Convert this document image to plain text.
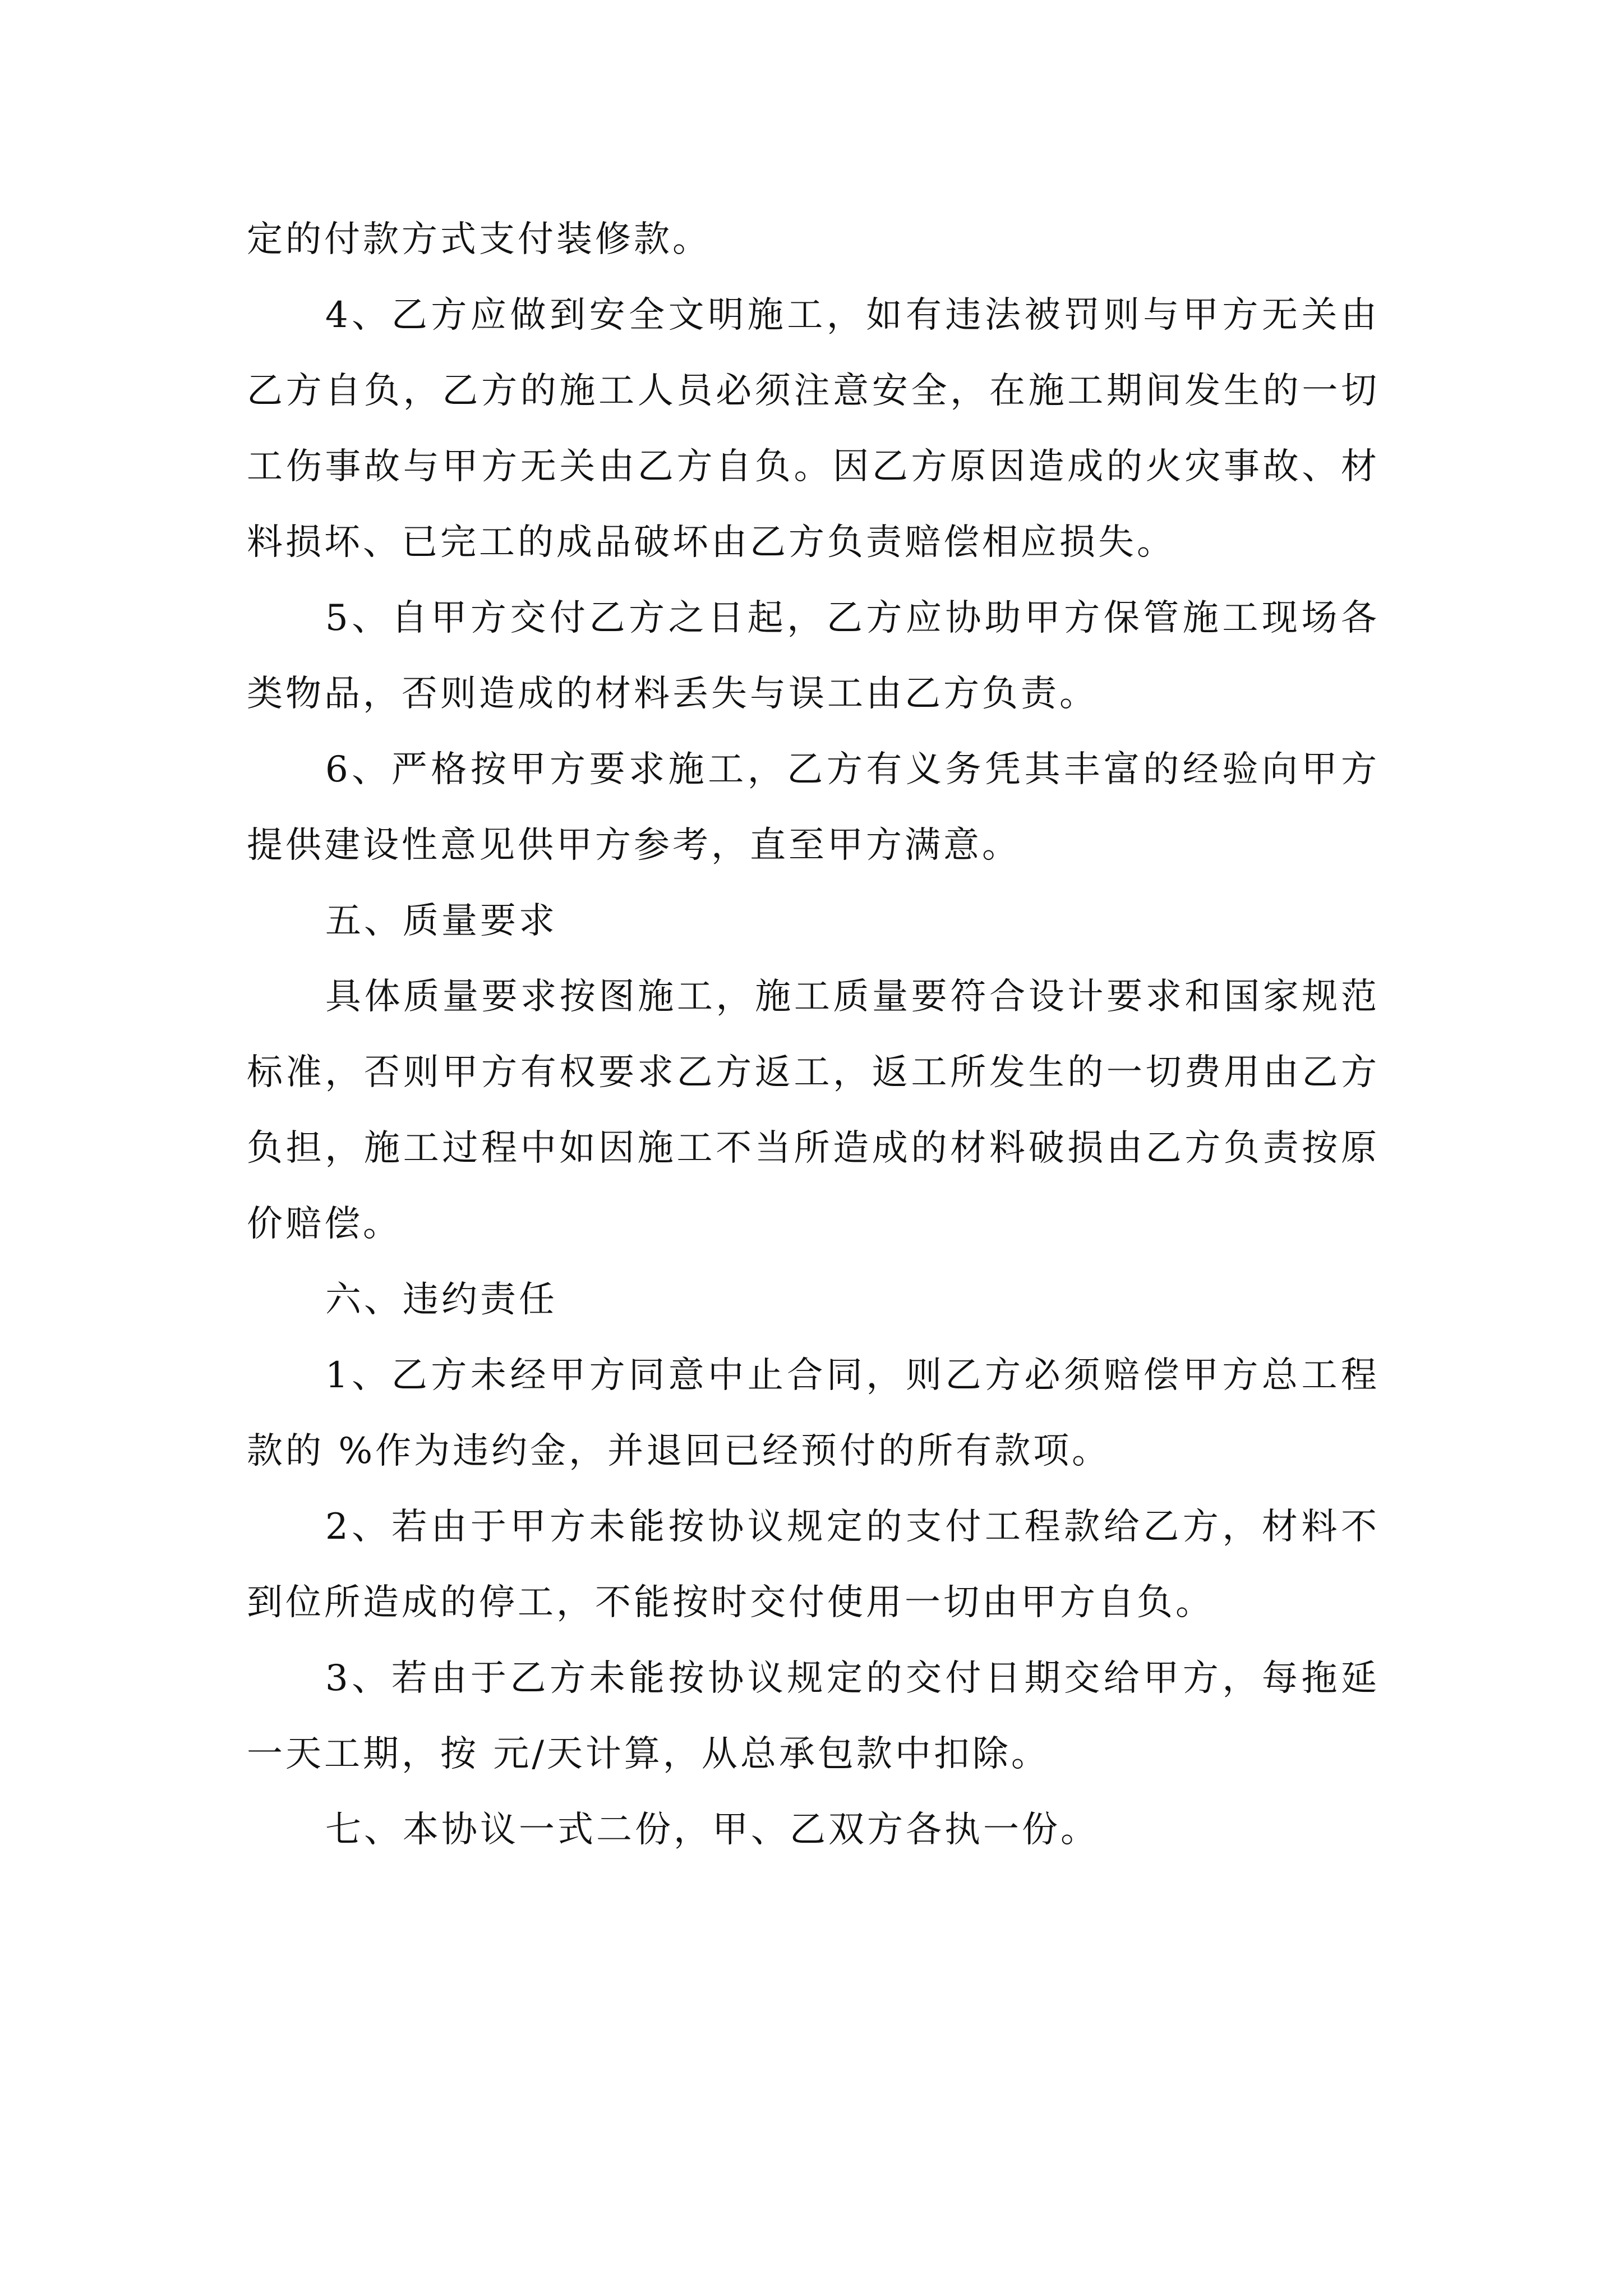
定的付款方式支付装修款。

4、乙方应做到安全文明施工，如有违法被罚则与甲方无关由乙方自负，乙方的施工人员必须注意安全，在施工期间发生的一切工伤事故与甲方无关由乙方自负。因乙方原因造成的火灾事故、材料损坏、已完工的成品破坏由乙方负责赔偿相应损失。

5、自甲方交付乙方之日起，乙方应协助甲方保管施工现场各类物品，否则造成的材料丢失与误工由乙方负责。

6、严格按甲方要求施工，乙方有义务凭其丰富的经验向甲方提供建设性意见供甲方参考，直至甲方满意。

五、质量要求

具体质量要求按图施工，施工质量要符合设计要求和国家规范标准，否则甲方有权要求乙方返工，返工所发生的一切费用由乙方负担，施工过程中如因施工不当所造成的材料破损由乙方负责按原价赔偿。

六、违约责任

1、乙方未经甲方同意中止合同，则乙方必须赔偿甲方总工程款的 %作为违约金，并退回已经预付的所有款项。

2、若由于甲方未能按协议规定的支付工程款给乙方，材料不到位所造成的停工，不能按时交付使用一切由甲方自负。

3、若由于乙方未能按协议规定的交付日期交给甲方，每拖延一天工期，按 元/天计算，从总承包款中扣除。

七、本协议一式二份，甲、乙双方各执一份。
